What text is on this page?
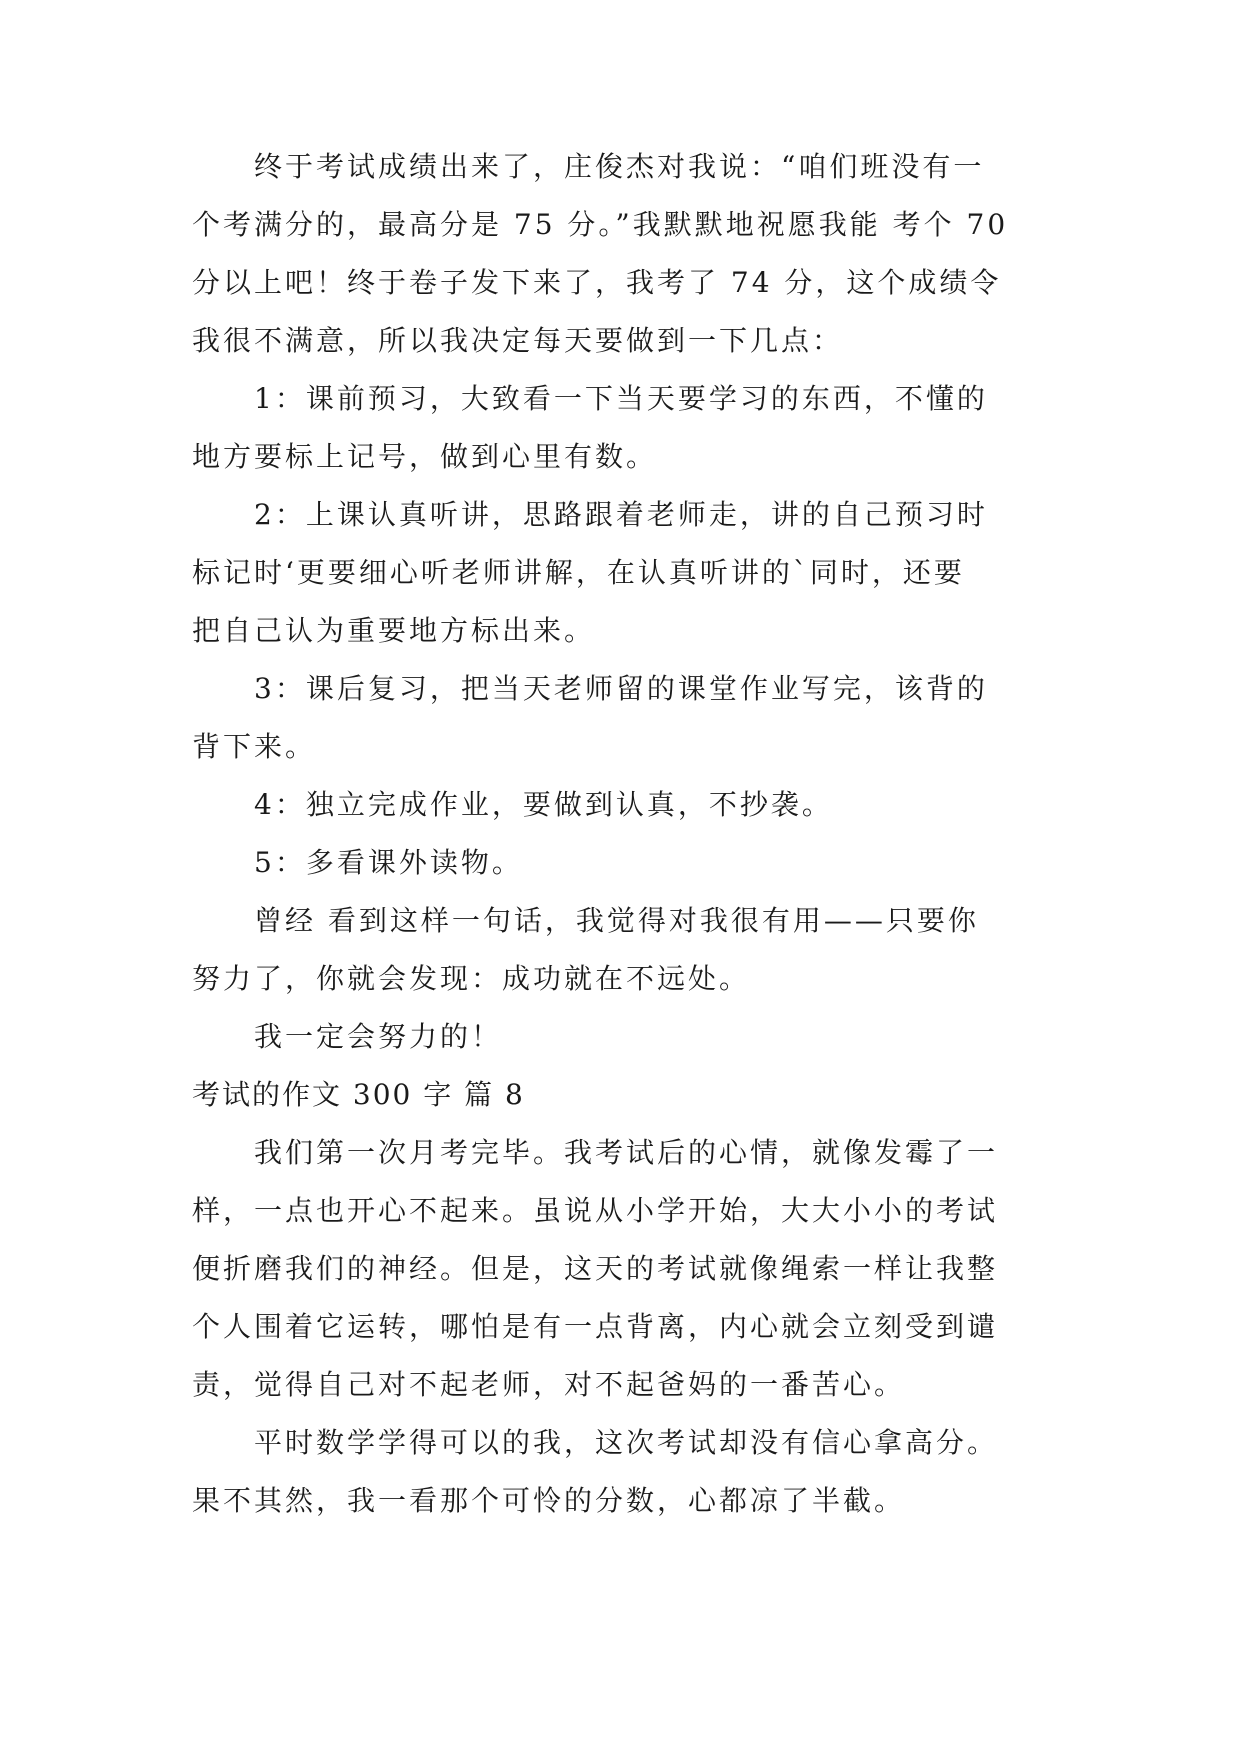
终于考试成绩出来了，庄俊杰对我说：“咱们班没有一

个考满分的，最高分是 75 分。”我默默地祝愿我能 考个 70

分以上吧！终于卷子发下来了，我考了 74 分，这个成绩令

我很不满意，所以我决定每天要做到一下几点：

1：课前预习，大致看一下当天要学习的东西，不懂的

地方要标上记号，做到心里有数。

2：上课认真听讲，思路跟着老师走，讲的自己预习时

标记时‘更要细心听老师讲解，在认真听讲的`同时，还要

把自己认为重要地方标出来。

3：课后复习，把当天老师留的课堂作业写完，该背的

背下来。

4：独立完成作业，要做到认真，不抄袭。

5：多看课外读物。

曾经 看到这样一句话，我觉得对我很有用——只要你

努力了，你就会发现：成功就在不远处。

我一定会努力的！

考试的作文 300 字 篇 8

我们第一次月考完毕。我考试后的心情，就像发霉了一

样，一点也开心不起来。虽说从小学开始，大大小小的考试

便折磨我们的神经。但是，这天的考试就像绳索一样让我整

个人围着它运转，哪怕是有一点背离，内心就会立刻受到谴

责，觉得自己对不起老师，对不起爸妈的一番苦心。

平时数学学得可以的我，这次考试却没有信心拿高分。

果不其然，我一看那个可怜的分数，心都凉了半截。
